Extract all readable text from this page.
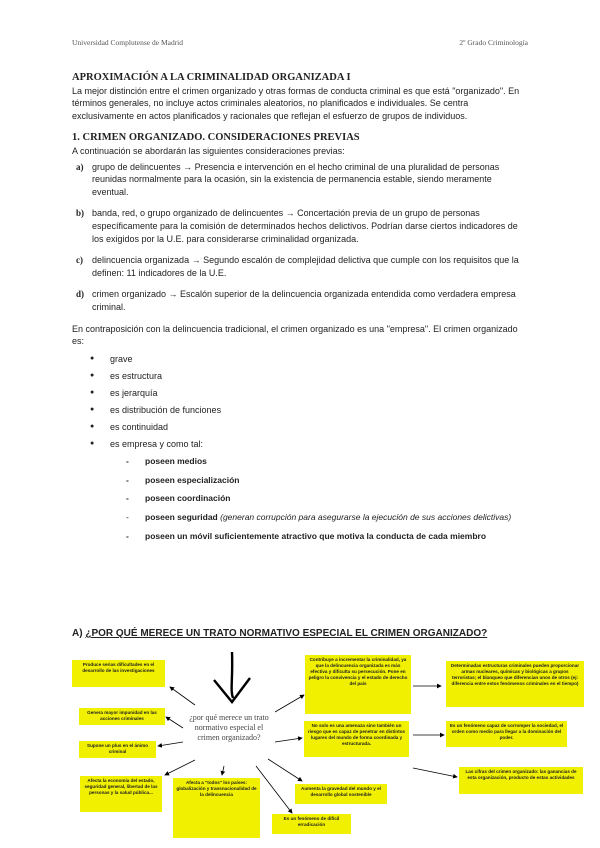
Universidad Complutense de Madrid	2º Grado Criminología
APROXIMACIÓN A LA CRIMINALIDAD ORGANIZADA I

La mejor distinción entre el crimen organizado y otras formas de conducta criminal es que está "organizado". En términos generales, no incluye actos criminales aleatorios, no planificados e individuales. Se centra exclusivamente en actos planificados y racionales que reflejan el esfuerzo de grupos de individuos.

1. CRIMEN ORGANIZADO. CONSIDERACIONES PREVIAS

A continuación se abordarán las siguientes consideraciones previas:

a) grupo de delincuentes → Presencia e intervención en el hecho criminal de una pluralidad de personas reunidas normalmente para la ocasión, sin la existencia de permanencia estable, siendo meramente eventual.
b) banda, red, o grupo organizado de delincuentes → Concertación previa de un grupo de personas específicamente para la comisión de determinados hechos delictivos. Podrían darse ciertos indicadores de los exigidos por la U.E. para considerarse criminalidad organizada.
c) delincuencia organizada → Segundo escalón de complejidad delictiva que cumple con los requisitos que la definen: 11 indicadores de la U.E.
d) crimen organizado → Escalón superior de la delincuencia organizada entendida como verdadera empresa criminal.

En contraposición con la delincuencia tradicional, el crimen organizado es una "empresa". El crimen organizado es:

● grave
● es estructura
● es jerarquía
● es distribución de funciones
● es continuidad
● es empresa y como tal:
- poseen medios
- poseen especialización
- poseen coordinación
- poseen seguridad (generan corrupción para asegurarse la ejecución de sus acciones delictivas)
- poseen un móvil suficientemente atractivo que motiva la conducta de cada miembro
A) ¿POR QUÉ MERECE UN TRATO NORMATIVO ESPECIAL EL CRIMEN ORGANIZADO?
¿por qué merece un trato normativo especial el crimen organizado?
Produce serias dificultades en el desarrollo de las investigaciones
Genera mayor impunidad en las acciones criminales
Supone un plus en el ánimo criminal
Afecta la economía del estado, seguridad general, libertad de las personas y la salud pública...
Afecta a "todos" los países: globalización y transnacionalidad de la delincuencia
Es un fenómeno de difícil erradicación
Aumenta la gravedad del mundo y el desarrollo global sostenible
No solo es una amenaza sino también un riesgo que es capaz de penetrar en distintos lugares del mundo de forma coordinada y estructurada.
Contribuye a incrementar la criminalidad, ya que la delincuencia organizada es más efectiva y dificulta su persecución. Pone en peligro la convivencia y el estado de derecho del país
Determinadas estructuras criminales pueden proporcionar armas nucleares, químicas y biológicas a grupos terroristas; el blanqueo que diferencian unos de otros (ej: diferencia entre estos fenómenos criminales en el tiempo)
Es un fenómeno capaz de corromper la sociedad, el orden como medio para llegar a la dominación del poder.
Las cifras del crimen organizado: las ganancias de esta organización, producto de estas actividades
